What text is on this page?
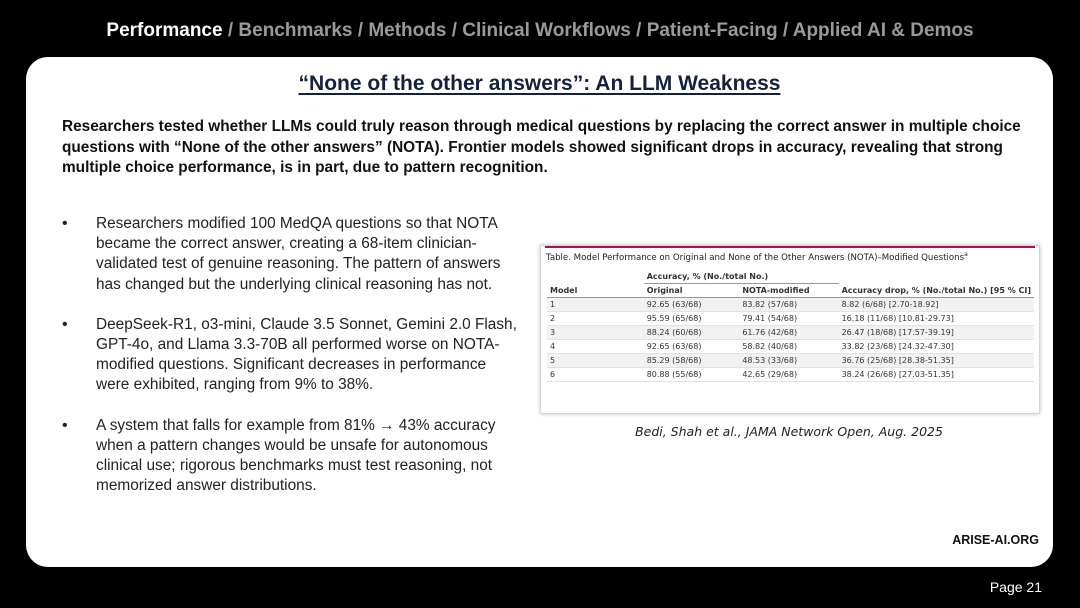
Performance / Benchmarks / Methods / Clinical Workflows / Patient-Facing / Applied AI & Demos
“None of the other answers”: An LLM Weakness
Researchers tested whether LLMs could truly reason through medical questions by replacing the correct answer in multiple choice questions with “None of the other answers” (NOTA). Frontier models showed significant drops in accuracy, revealing that strong multiple choice performance, is in part, due to pattern recognition.
• Researchers modified 100 MedQA questions so that NOTA became the correct answer, creating a 68-item clinician-validated test of genuine reasoning. The pattern of answers has changed but the underlying clinical reasoning has not.
• DeepSeek-R1, o3-mini, Claude 3.5 Sonnet, Gemini 2.0 Flash, GPT-4o, and Llama 3.3-70B all performed worse on NOTA-modified questions. Significant decreases in performance were exhibited, ranging from 9% to 38%.
• A system that falls for example from 81% → 43% accuracy when a pattern changes would be unsafe for autonomous clinical use; rigorous benchmarks must test reasoning, not memorized answer distributions.
Table. Model Performance on Original and None of the Other Answers (NOTA)–Modified Questions$^a$
	Accuracy, % (No./total No.)		
Model	Original	NOTA-modified	Accuracy drop, % (No./total No.) [95 % CI]
1	92.65 (63/68)	83.82 (57/68)	8.82 (6/68) [2.70-18.92]
2	95.59 (65/68)	79.41 (54/68)	16.18 (11/68) [10.81-29.73]
3	88.24 (60/68)	61.76 (42/68)	26.47 (18/68) [17.57-39.19]
4	92.65 (63/68)	58.82 (40/68)	33.82 (23/68) [24.32-47.30]
5	85.29 (58/68)	48.53 (33/68)	36.76 (25/68) [28.38-51.35]
6	80.88 (55/68)	42.65 (29/68)	38.24 (26/68) [27.03-51.35]
Bedi, Shah et al., JAMA Network Open, Aug. 2025
ARISE-AI.ORG
Page 21
